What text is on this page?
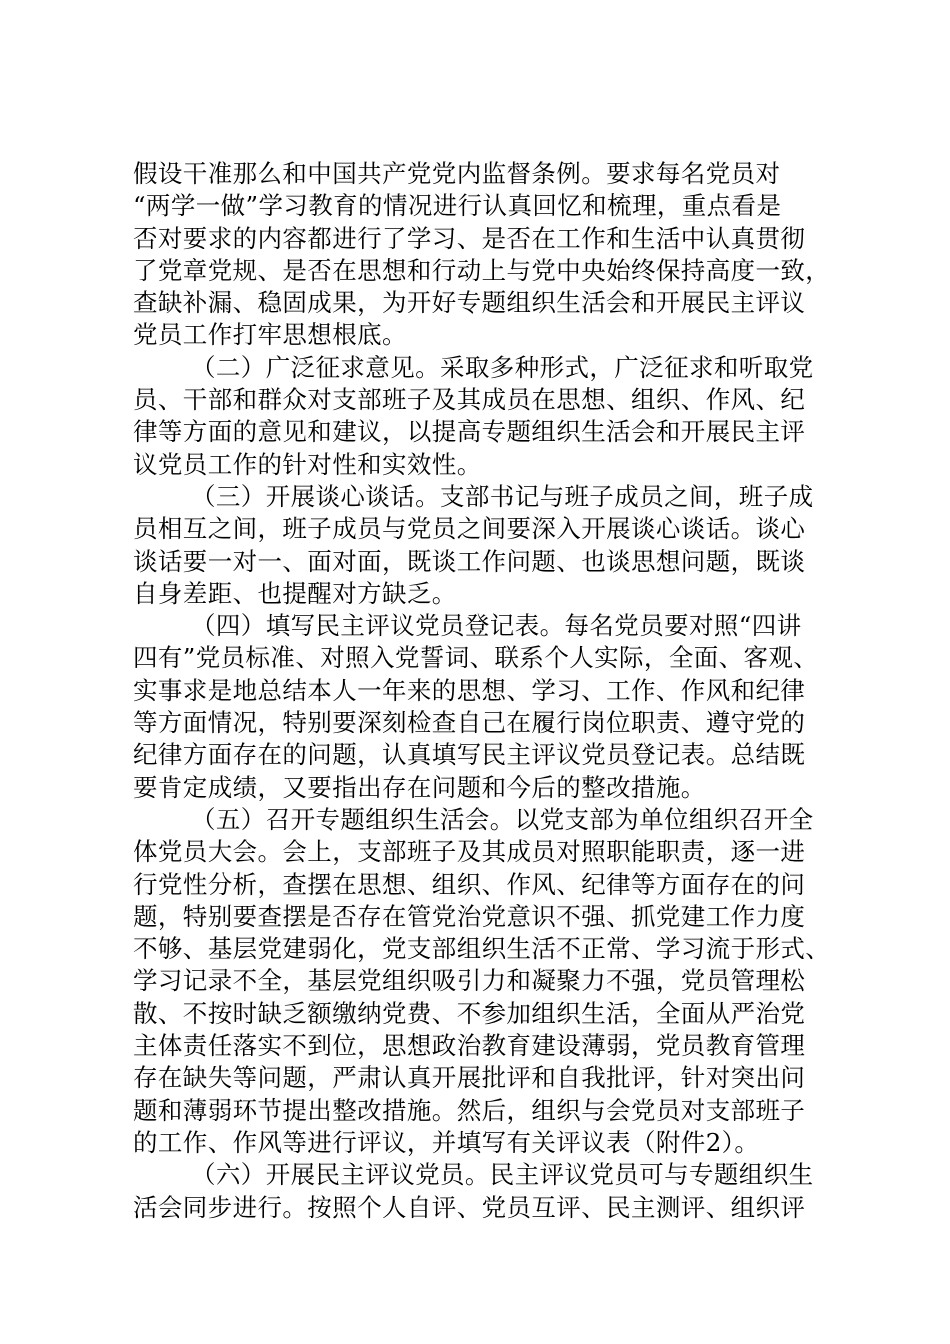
假设干准那么和中国共产党党内监督条例。要求每名党员对
“两学一做”学习教育的情况进行认真回忆和梳理，重点看是
否对要求的内容都进行了学习、是否在工作和生活中认真贯彻
了党章党规、是否在思想和行动上与党中央始终保持高度一致，
查缺补漏、稳固成果，为开好专题组织生活会和开展民主评议
党员工作打牢思想根底。
（二）广泛征求意见。采取多种形式，广泛征求和听取党
员、干部和群众对支部班子及其成员在思想、组织、作风、纪
律等方面的意见和建议，以提高专题组织生活会和开展民主评
议党员工作的针对性和实效性。
（三）开展谈心谈话。支部书记与班子成员之间，班子成
员相互之间，班子成员与党员之间要深入开展谈心谈话。谈心
谈话要一对一、面对面，既谈工作问题、也谈思想问题，既谈
自身差距、也提醒对方缺乏。
（四）填写民主评议党员登记表。每名党员要对照“四讲
四有”党员标准、对照入党誓词、联系个人实际，全面、客观、
实事求是地总结本人一年来的思想、学习、工作、作风和纪律
等方面情况，特别要深刻检查自己在履行岗位职责、遵守党的
纪律方面存在的问题，认真填写民主评议党员登记表。总结既
要肯定成绩，又要指出存在问题和今后的整改措施。
（五）召开专题组织生活会。以党支部为单位组织召开全
体党员大会。会上，支部班子及其成员对照职能职责，逐一进
行党性分析，查摆在思想、组织、作风、纪律等方面存在的问
题，特别要查摆是否存在管党治党意识不强、抓党建工作力度
不够、基层党建弱化，党支部组织生活不正常、学习流于形式、
学习记录不全，基层党组织吸引力和凝聚力不强，党员管理松
散、不按时缺乏额缴纳党费、不参加组织生活，全面从严治党
主体责任落实不到位，思想政治教育建设薄弱，党员教育管理
存在缺失等问题，严肃认真开展批评和自我批评，针对突出问
题和薄弱环节提出整改措施。然后，组织与会党员对支部班子
的工作、作风等进行评议，并填写有关评议表（附件2）。
（六）开展民主评议党员。民主评议党员可与专题组织生
活会同步进行。按照个人自评、党员互评、民主测评、组织评
